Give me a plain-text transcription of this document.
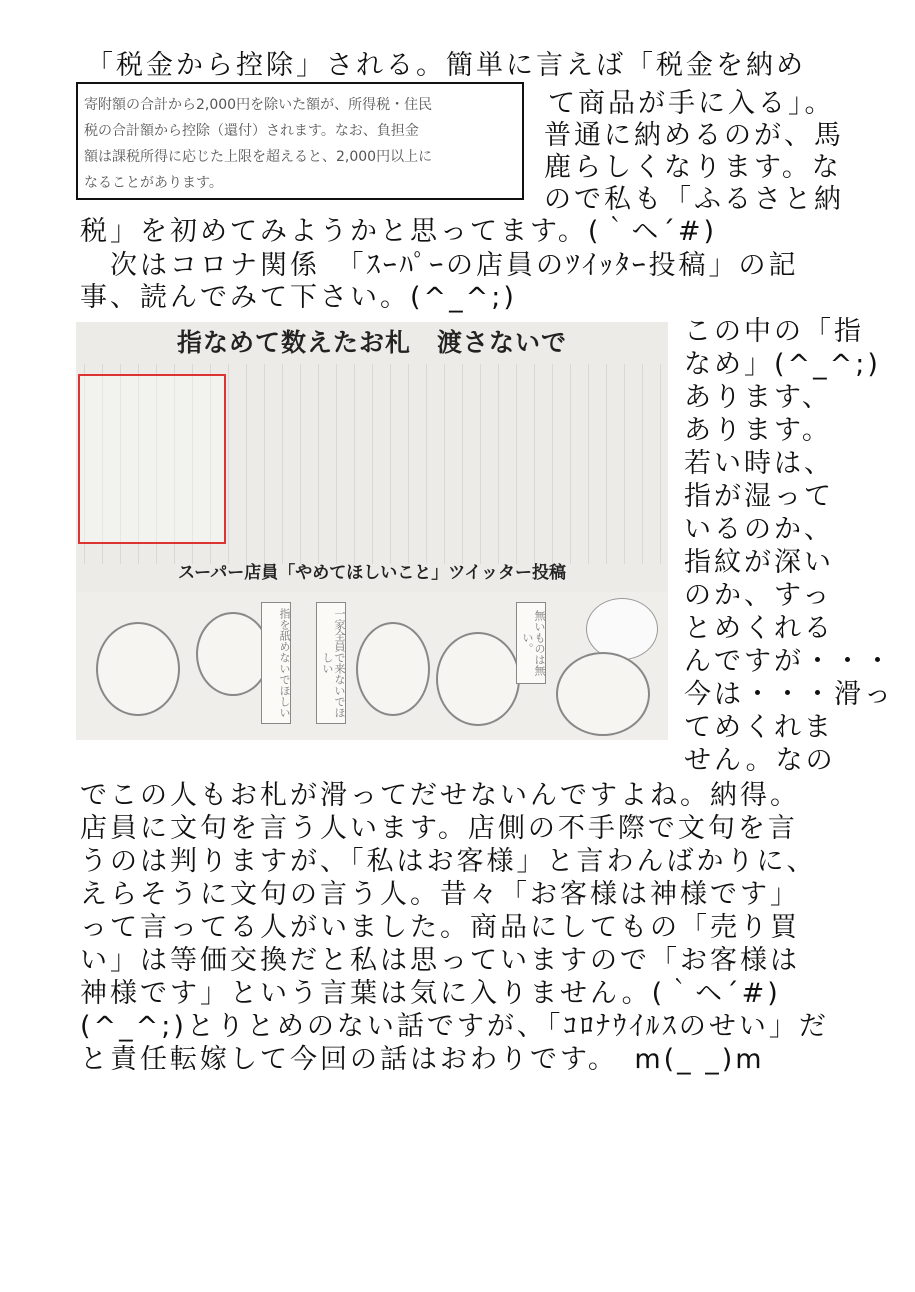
「税金から控除」される。簡単に言えば「税金を納め
て商品が手に入る」。
普通に納めるのが、馬
鹿らしくなります。な
ので私も「ふるさと納
寄附額の合計から2,000円を除いた額が、所得税・住民
税の合計額から控除（還付）されます。なお、負担金
額は課税所得に応じた上限を超えると、2,000円以上に
なることがあります。
税」を初めてみようかと思ってます。(｀ヘ´#)
　次はコロナ関係　「ｽｰﾊﾟｰの店員のﾂｲｯﾀｰ投稿」の記
事、読んでみて下さい。(^_^;)
指なめて数えたお札　渡さないで
スーパー店員「やめてほしいこと」ツイッター投稿
指を舐めないでほしい	一家全員で来ないでほしい	無いものは無い。
この中の「指
なめ」(^_^;)
あります、
あります。
若い時は、
指が湿って
いるのか、
指紋が深い
のか、すっ
とめくれる
んですが・・・
今は・・・滑っ
てめくれま
せん。なの
でこの人もお札が滑ってだせないんですよね。納得。
店員に文句を言う人います。店側の不手際で文句を言
うのは判りますが、「私はお客様」と言わんばかりに、
えらそうに文句の言う人。昔々「お客様は神様です」
って言ってる人がいました。商品にしてもの「売り買
い」は等価交換だと私は思っていますので「お客様は
神様です」という言葉は気に入りません。(｀ヘ´#)
(^_^;)とりとめのない話ですが、「ｺﾛﾅｳｲﾙｽのせい」だ
と責任転嫁して今回の話はおわりです。　m(_ _)m
